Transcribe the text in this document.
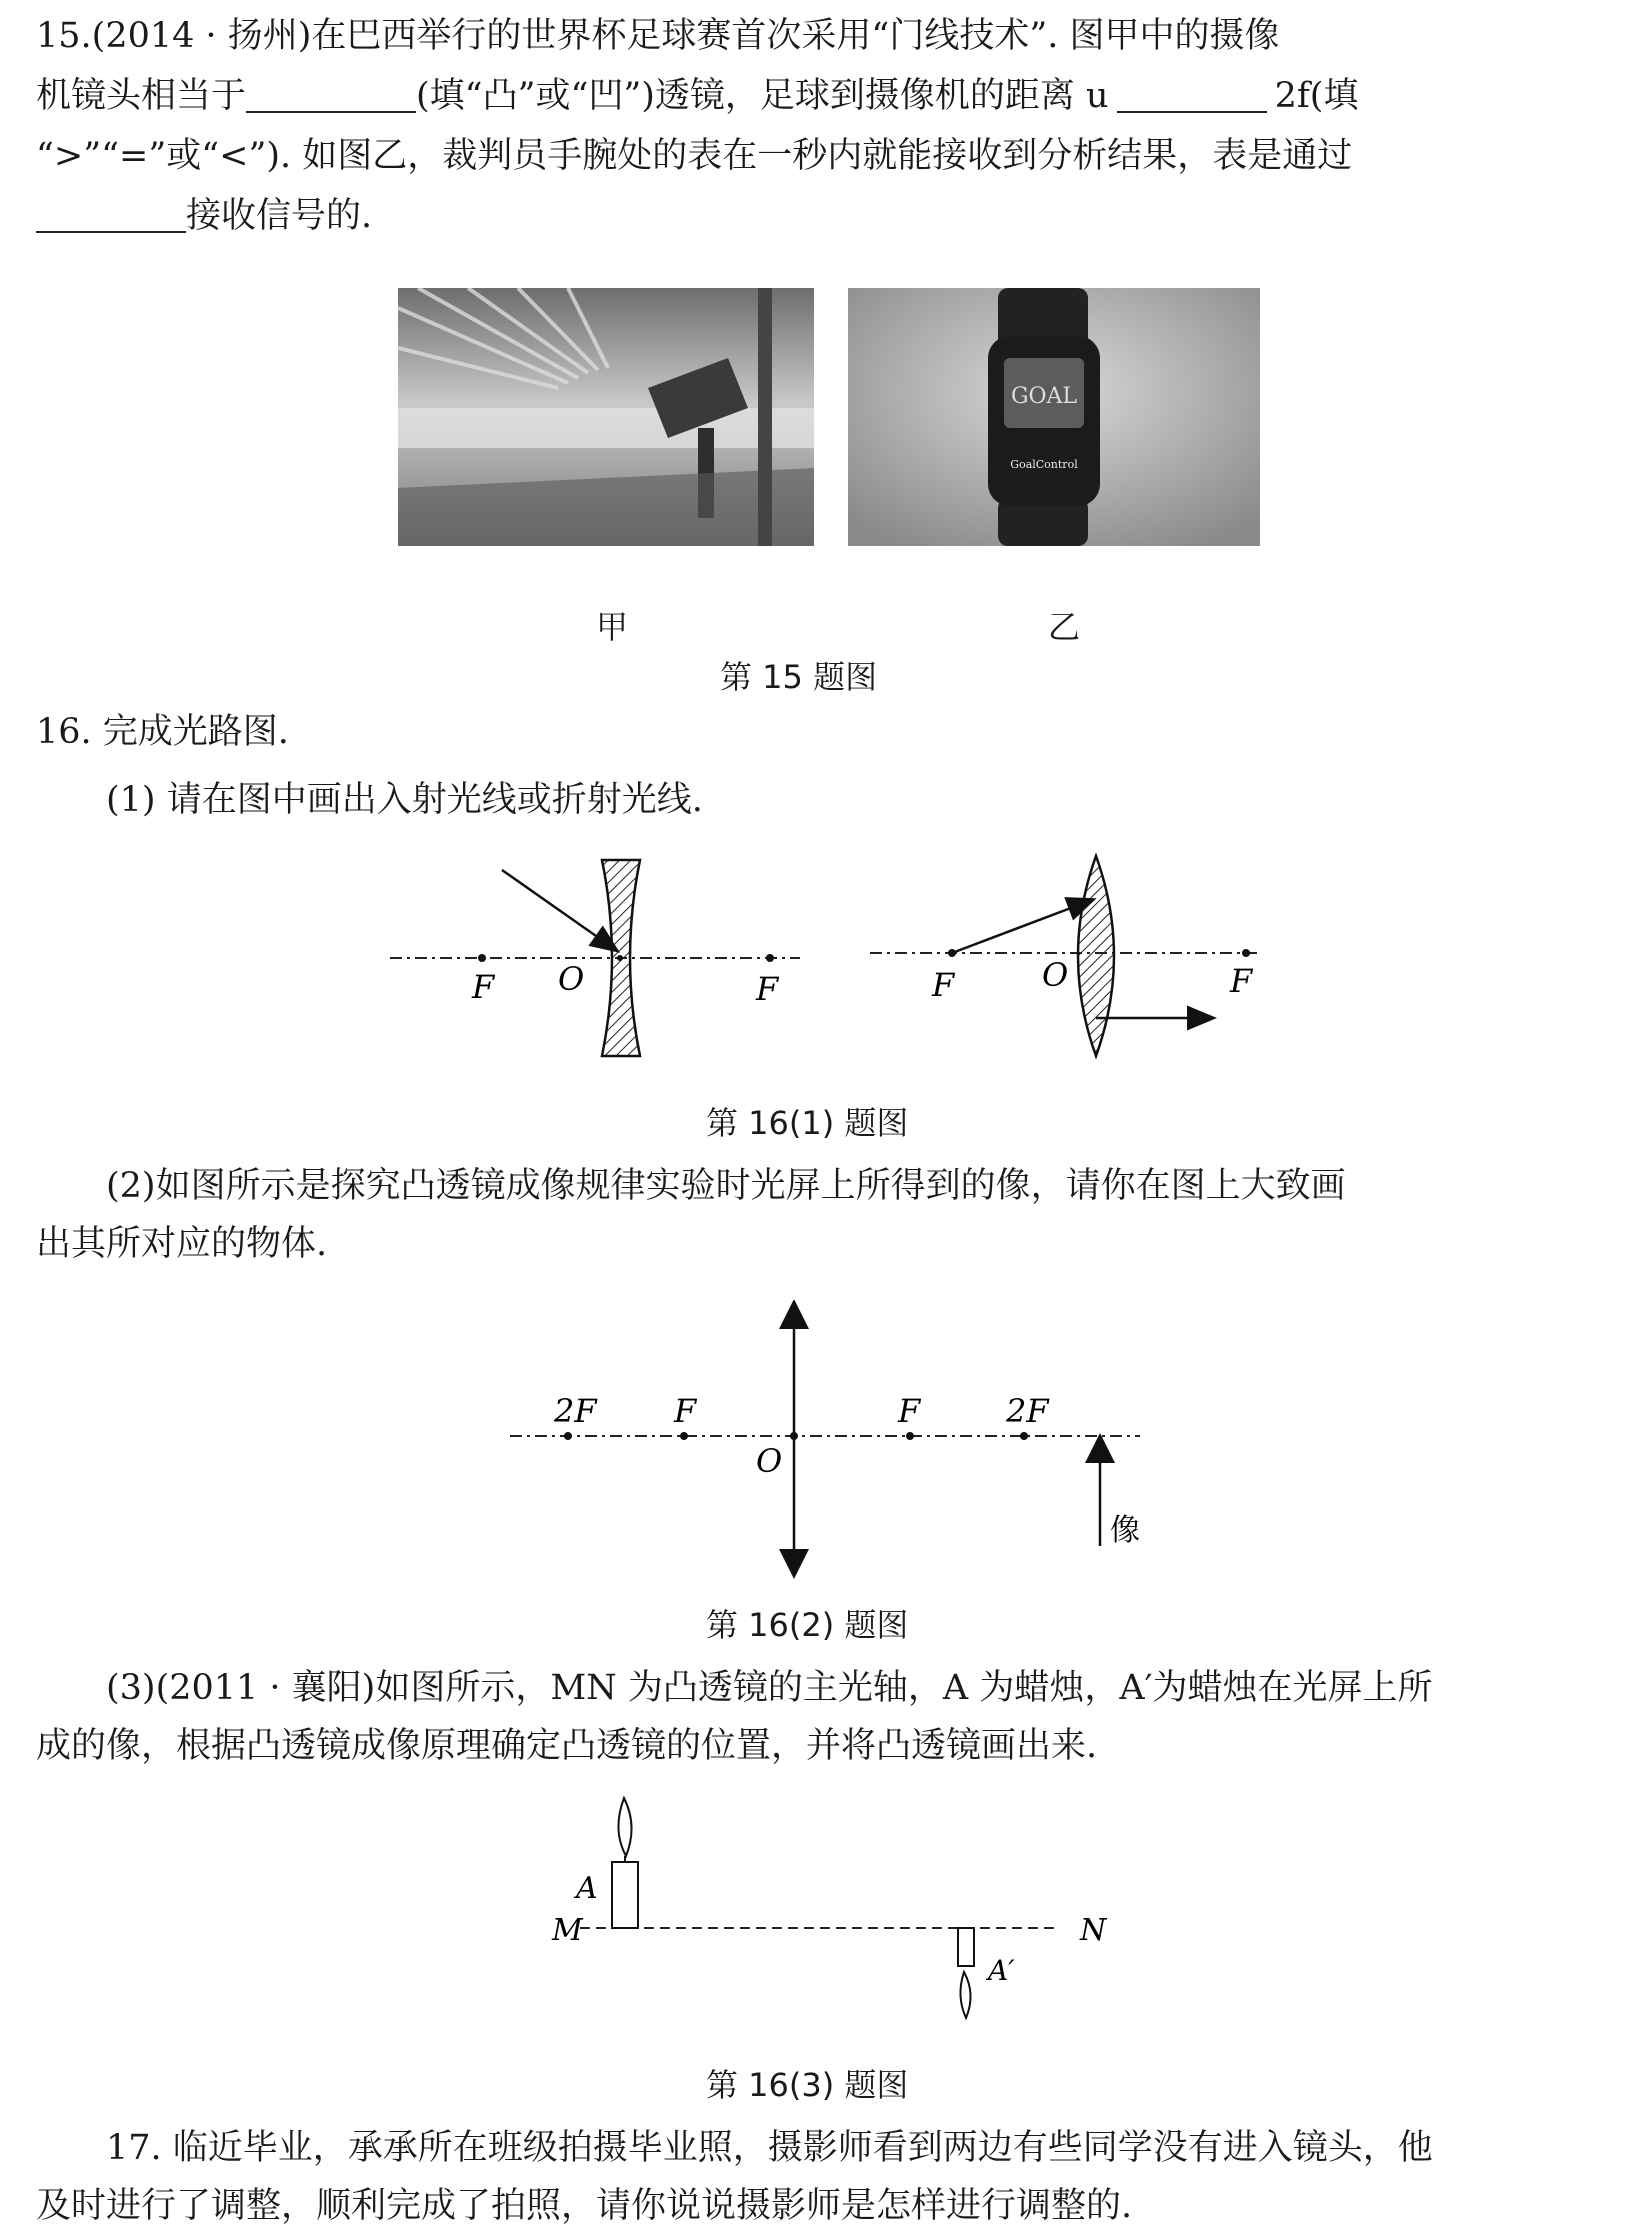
15.(2014 · 扬州)在巴西举行的世界杯足球赛首次采用“门线技术”. 图甲中的摄像
机镜头相当于	(填“凸”或“凹”)透镜，足球到摄像机的距离 u	2f(填
“>”“=”或“<”). 如图乙，裁判员手腕处的表在一秒内就能接收到分析结果，表是通过
接收信号的.
GOAL
GoalControl
甲	乙
第 15 题图
16. 完成光路图.
(1) 请在图中画出入射光线或折射光线.
F O	F	F	O	F
第 16(1) 题图
(2)如图所示是探究凸透镜成像规律实验时光屏上所得到的像，请你在图上大致画
出其所对应的物体.
2F F
O
F	2F
像
第 16(2) 题图
(3)(2011 · 襄阳)如图所示，MN 为凸透镜的主光轴，A 为蜡烛，A′为蜡烛在光屏上所
成的像，根据凸透镜成像原理确定凸透镜的位置，并将凸透镜画出来.
M	N
A
A′
第 16(3) 题图
17. 临近毕业，承承所在班级拍摄毕业照，摄影师看到两边有些同学没有进入镜头，他
及时进行了调整，顺利完成了拍照，请你说说摄影师是怎样进行调整的.
